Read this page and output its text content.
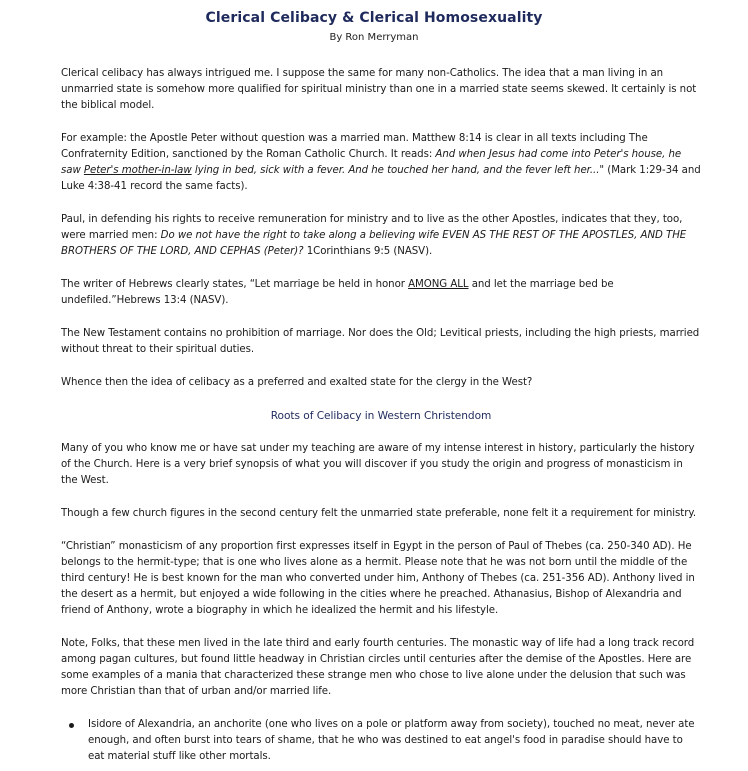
Clerical Celibacy & Clerical Homosexuality
By Ron Merryman

Clerical celibacy has always intrigued me. I suppose the same for many non-Catholics. The idea that a man living in an unmarried state is somehow more qualified for spiritual ministry than one in a married state seems skewed. It certainly is not the biblical model.

For example: the Apostle Peter without question was a married man. Matthew 8:14 is clear in all texts including The Confraternity Edition, sanctioned by the Roman Catholic Church. It reads: And when Jesus had come into Peter's house, he saw Peter's mother-in-law lying in bed, sick with a fever. And he touched her hand, and the fever left her..." (Mark 1:29-34 and Luke 4:38-41 record the same facts).

Paul, in defending his rights to receive remuneration for ministry and to live as the other Apostles, indicates that they, too, were married men: Do we not have the right to take along a believing wife EVEN AS THE REST OF THE APOSTLES, AND THE BROTHERS OF THE LORD, AND CEPHAS (Peter)? 1Corinthians 9:5 (NASV).

The writer of Hebrews clearly states, “Let marriage be held in honor AMONG ALL and let the marriage bed be undefiled.”Hebrews 13:4 (NASV).

The New Testament contains no prohibition of marriage. Nor does the Old; Levitical priests, including the high priests, married without threat to their spiritual duties.

Whence then the idea of celibacy as a preferred and exalted state for the clergy in the West?

Roots of Celibacy in Western Christendom

Many of you who know me or have sat under my teaching are aware of my intense interest in history, particularly the history of the Church. Here is a very brief synopsis of what you will discover if you study the origin and progress of monasticism in the West.

Though a few church figures in the second century felt the unmarried state preferable, none felt it a requirement for ministry.

“Christian” monasticism of any proportion first expresses itself in Egypt in the person of Paul of Thebes (ca. 250-340 AD). He belongs to the hermit-type; that is one who lives alone as a hermit. Please note that he was not born until the middle of the third century! He is best known for the man who converted under him, Anthony of Thebes (ca. 251-356 AD). Anthony lived in the desert as a hermit, but enjoyed a wide following in the cities where he preached. Athanasius, Bishop of Alexandria and friend of Anthony, wrote a biography in which he idealized the hermit and his lifestyle.

Note, Folks, that these men lived in the late third and early fourth centuries. The monastic way of life had a long track record among pagan cultures, but found little headway in Christian circles until centuries after the demise of the Apostles. Here are some examples of a mania that characterized these strange men who chose to live alone under the delusion that such was more Christian than that of urban and/or married life.

Isidore of Alexandria, an anchorite (one who lives on a pole or platform away from society), touched no meat, never ate enough, and often burst into tears of shame, that he who was destined to eat angel's food in paradise should have to eat material stuff like other mortals.
